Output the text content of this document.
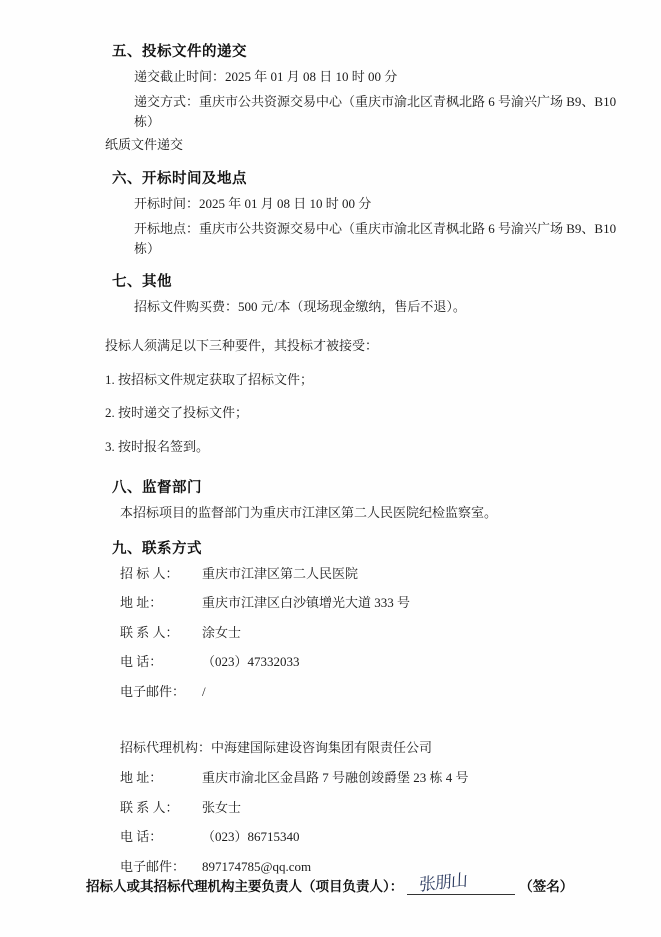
五、投标文件的递交

递交截止时间：2025 年 01 月 08 日 10 时 00 分

递交方式：重庆市公共资源交易中心（重庆市渝北区青枫北路 6 号渝兴广场 B9、B10 栋）

纸质文件递交

六、开标时间及地点

开标时间：2025 年 01 月 08 日 10 时 00 分

开标地点：重庆市公共资源交易中心（重庆市渝北区青枫北路 6 号渝兴广场 B9、B10 栋）

七、其他

招标文件购买费：500 元/本（现场现金缴纳，售后不退）。

投标人须满足以下三种要件，其投标才被接受：

1. 按招标文件规定获取了招标文件；

2. 按时递交了投标文件；

3. 按时报名签到。

八、监督部门

本招标项目的监督部门为重庆市江津区第二人民医院纪检监察室。

九、联系方式
招 标 人：	重庆市江津区第二人民医院
地 址：	重庆市江津区白沙镇增光大道 333 号
联 系 人：	涂女士
电 话：	（023）47332033
电子邮件：	/

招标代理机构：中海建国际建设咨询集团有限责任公司

地 址：	重庆市渝北区金昌路 7 号融创竣爵堡 23 栋 4 号
联 系 人：	张女士
电 话：	（023）86715340
电子邮件：	897174785@qq.com
招标人或其招标代理机构主要负责人（项目负责人）： 张朋山	（签名）
